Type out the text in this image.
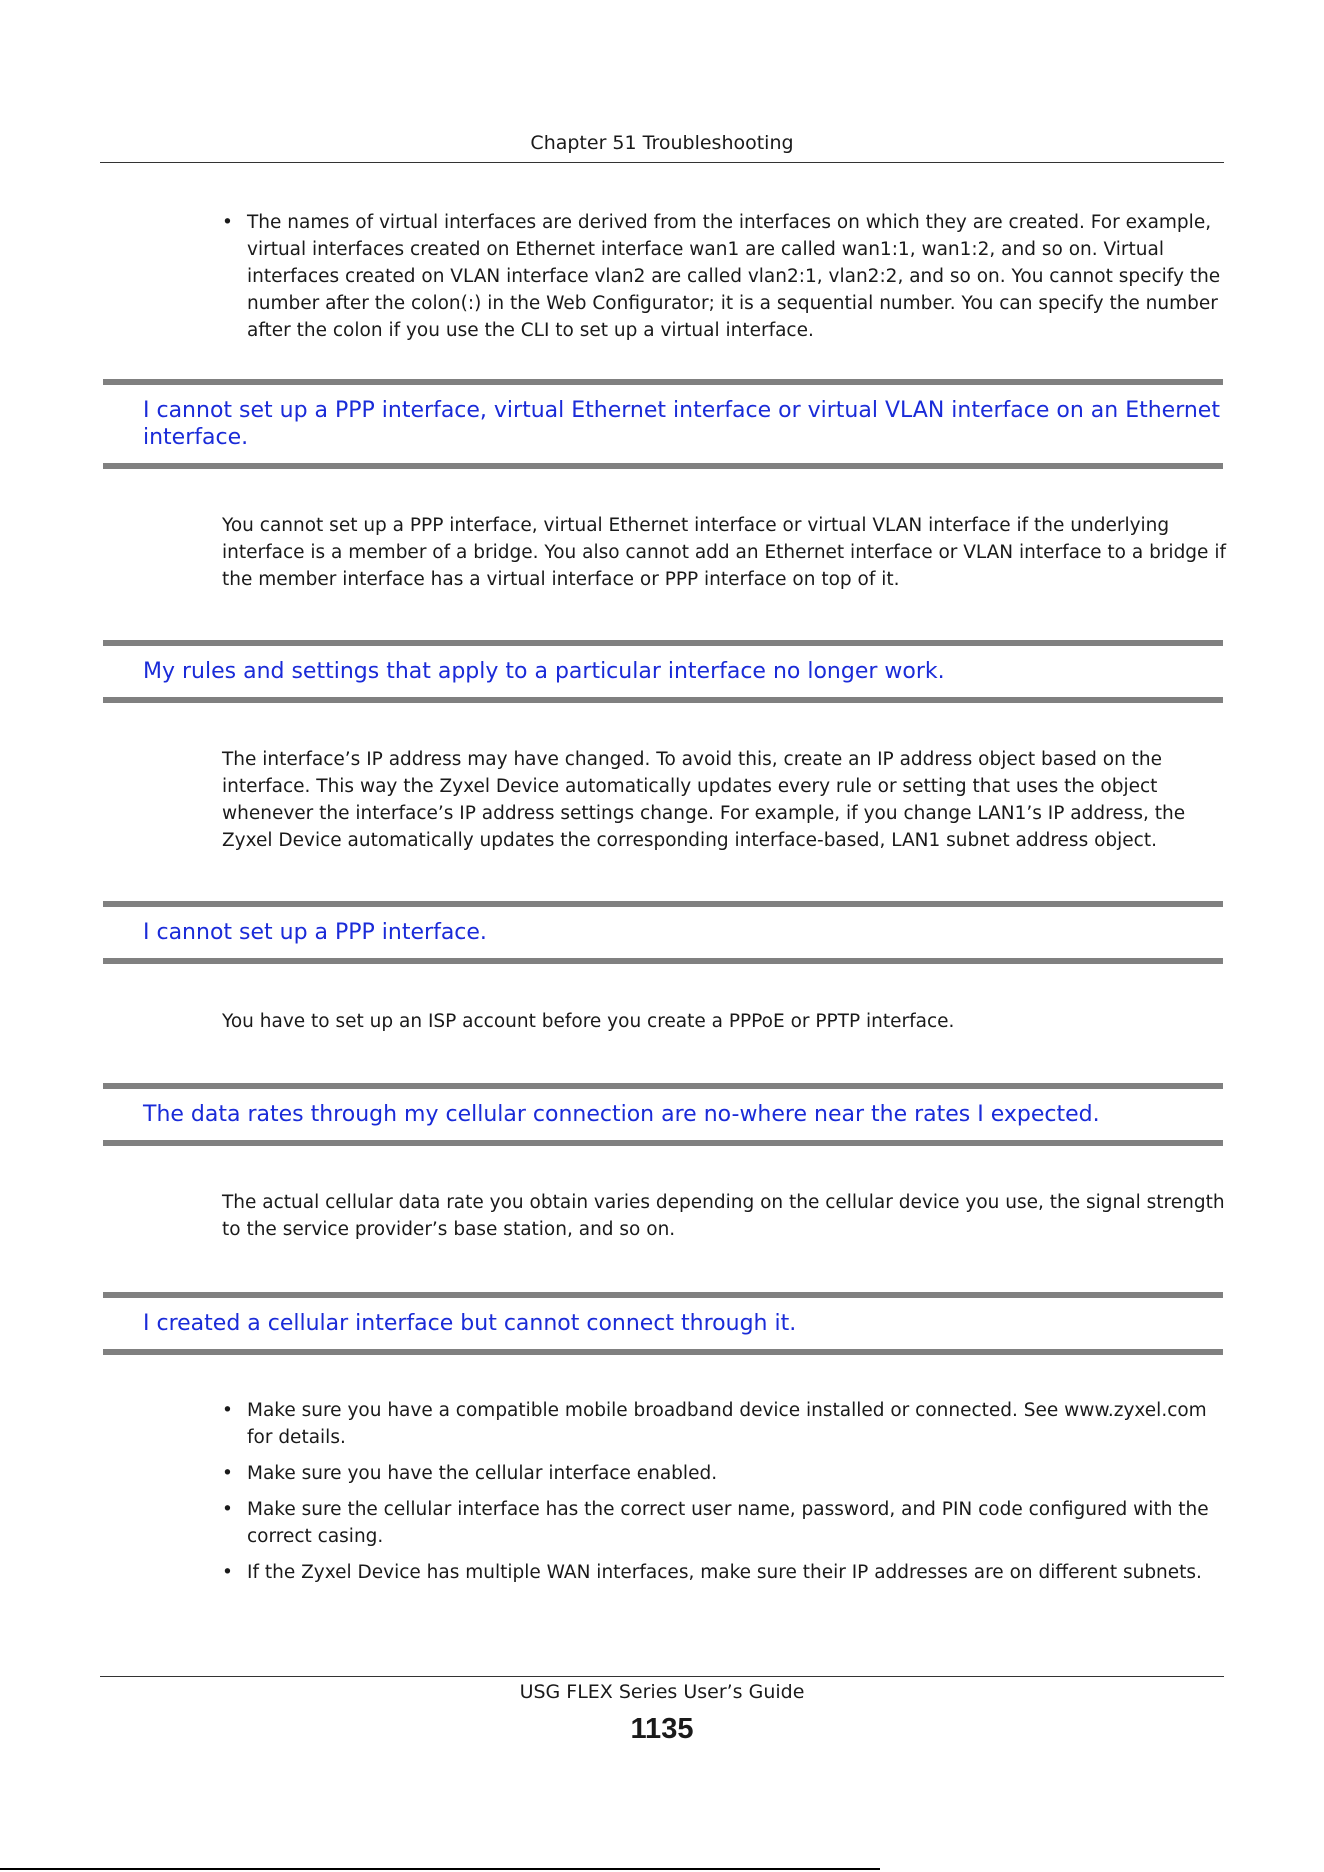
Chapter 51 Troubleshooting
• The names of virtual interfaces are derived from the interfaces on which they are created. For example, virtual interfaces created on Ethernet interface wan1 are called wan1:1, wan1:2, and so on. Virtual interfaces created on VLAN interface vlan2 are called vlan2:1, vlan2:2, and so on. You cannot specify the number after the colon(:) in the Web Configurator; it is a sequential number. You can specify the number after the colon if you use the CLI to set up a virtual interface.
I cannot set up a PPP interface, virtual Ethernet interface or virtual VLAN interface on an Ethernet interface.

You cannot set up a PPP interface, virtual Ethernet interface or virtual VLAN interface if the underlying interface is a member of a bridge. You also cannot add an Ethernet interface or VLAN interface to a bridge if the member interface has a virtual interface or PPP interface on top of it.

My rules and settings that apply to a particular interface no longer work.

The interface’s IP address may have changed. To avoid this, create an IP address object based on the interface. This way the Zyxel Device automatically updates every rule or setting that uses the object whenever the interface’s IP address settings change. For example, if you change LAN1’s IP address, the Zyxel Device automatically updates the corresponding interface-based, LAN1 subnet address object.

I cannot set up a PPP interface.

You have to set up an ISP account before you create a PPPoE or PPTP interface.

The data rates through my cellular connection are no-where near the rates I expected.

The actual cellular data rate you obtain varies depending on the cellular device you use, the signal strength to the service provider’s base station, and so on.

I created a cellular interface but cannot connect through it.
• Make sure you have a compatible mobile broadband device installed or connected. See www.zyxel.com for details.
• Make sure you have the cellular interface enabled.
• Make sure the cellular interface has the correct user name, password, and PIN code configured with the correct casing.
• If the Zyxel Device has multiple WAN interfaces, make sure their IP addresses are on different subnets.
USG FLEX Series User’s Guide
1135
